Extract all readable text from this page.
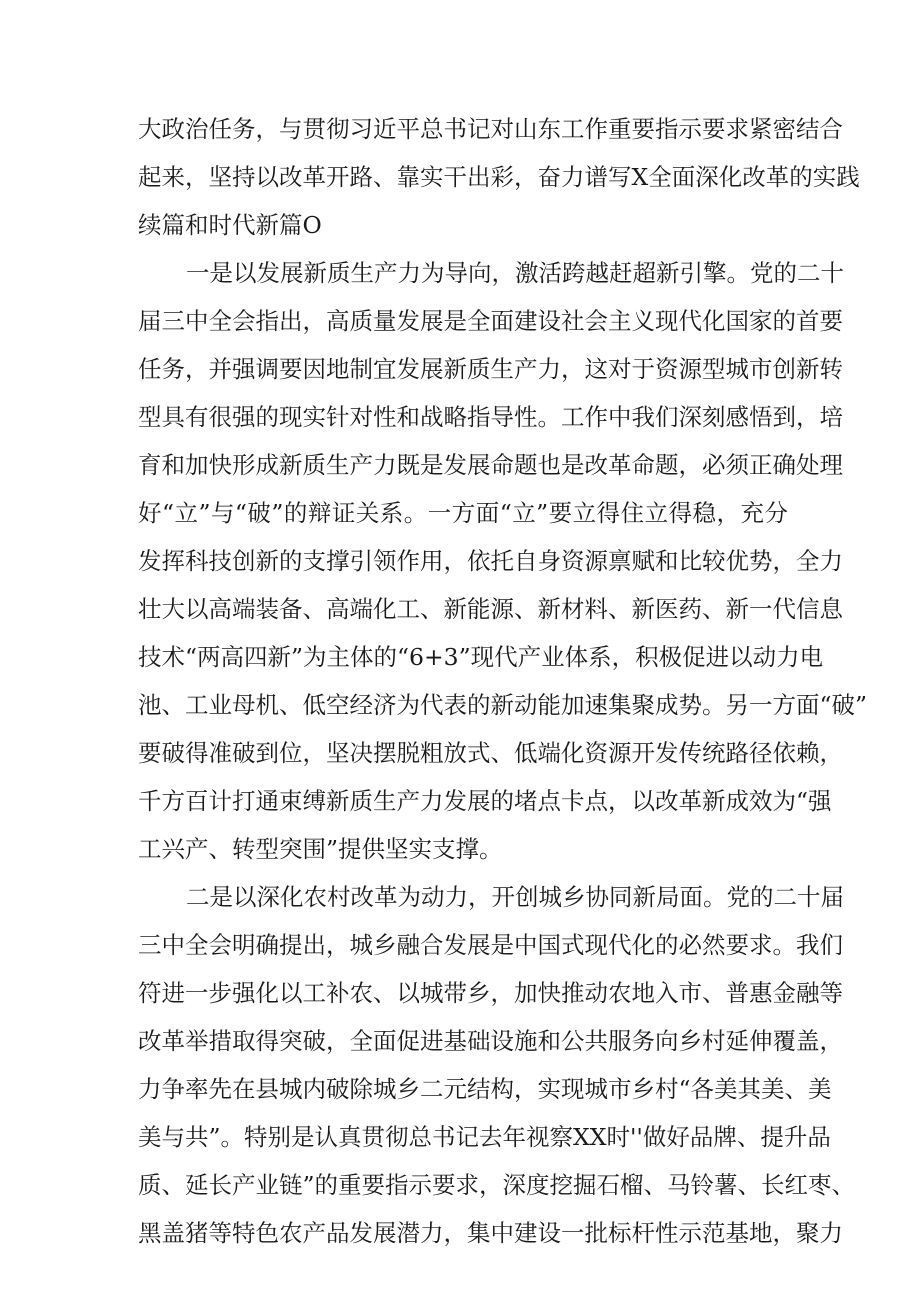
大政治任务，与贯彻习近平总书记对山东工作重要指示要求紧密结合
起来，坚持以改革开路、靠实干出彩，奋力谱写X全面深化改革的实践
续篇和时代新篇O
一是以发展新质生产力为导向，激活跨越赶超新引擎。党的二十
届三中全会指出，高质量发展是全面建设社会主义现代化国家的首要
任务，并强调要因地制宜发展新质生产力，这对于资源型城市创新转
型具有很强的现实针对性和战略指导性。工作中我们深刻感悟到，培
育和加快形成新质生产力既是发展命题也是改革命题，必须正确处理
好“立”与“破”的辩证关系。一方面“立”要立得住立得稳，充分
发挥科技创新的支撑引领作用，依托自身资源禀赋和比较优势，全力
壮大以高端装备、高端化工、新能源、新材料、新医药、新一代信息
技术“两高四新”为主体的“6+3”现代产业体系，积极促进以动力电
池、工业母机、低空经济为代表的新动能加速集聚成势。另一方面“破”
要破得准破到位，坚决摆脱粗放式、低端化资源开发传统路径依赖，
千方百计打通束缚新质生产力发展的堵点卡点，以改革新成效为“强
工兴产、转型突围”提供坚实支撑。
二是以深化农村改革为动力，开创城乡协同新局面。党的二十届
三中全会明确提出，城乡融合发展是中国式现代化的必然要求。我们
符进一步强化以工补农、以城带乡，加快推动农地入市、普惠金融等
改革举措取得突破，全面促进基础设施和公共服务向乡村延伸覆盖，
力争率先在县城内破除城乡二元结构，实现城市乡村“各美其美、美
美与共”。特别是认真贯彻总书记去年视察XX时''做好品牌、提升品
质、延长产业链”的重要指示要求，深度挖掘石榴、马铃薯、长红枣、
黑盖猪等特色农产品发展潜力，集中建设一批标杆性示范基地，聚力
